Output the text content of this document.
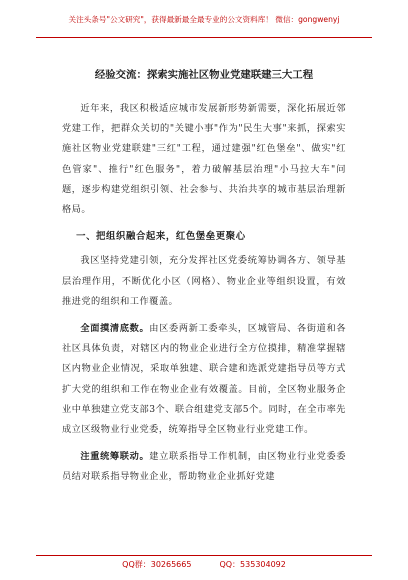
关注头条号"公文研究"，获得最新最全最专业的公文资料库！ 微信：gongwenyj
经验交流：探索实施社区物业党建联建三大工程

近年来，我区积极适应城市发展新形势新需要，深化拓展近邻党建工作，把群众关切的"关键小事"作为"民生大事"来抓，探索实施社区物业党建联建"三红"工程，通过建强"红色堡垒"、做实"红色管家"、推行"红色服务"，着力破解基层治理"小马拉大车"问题，逐步构建党组织引领、社会参与、共治共享的城市基层治理新格局。

一、把组织融合起来，红色堡垒更聚心

我区坚持党建引领，充分发挥社区党委统筹协调各方、领导基层治理作用，不断优化小区（网格）、物业企业等组织设置，有效推进党的组织和工作覆盖。

全面摸清底数。由区委两新工委牵头，区城管局、各街道和各社区具体负责，对辖区内的物业企业进行全方位摸排，精准掌握辖区内物业企业情况，采取单独建、联合建和选派党建指导员等方式扩大党的组织和工作在物业企业有效覆盖。目前，全区物业服务企业中单独建立党支部3个、联合组建党支部5个。同时，在全市率先成立区级物业行业党委，统筹指导全区物业行业党建工作。

注重统筹联动。建立联系指导工作机制，由区物业行业党委委员结对联系指导物业企业，帮助物业企业抓好党建

QQ群：30265665	QQ：535304092
